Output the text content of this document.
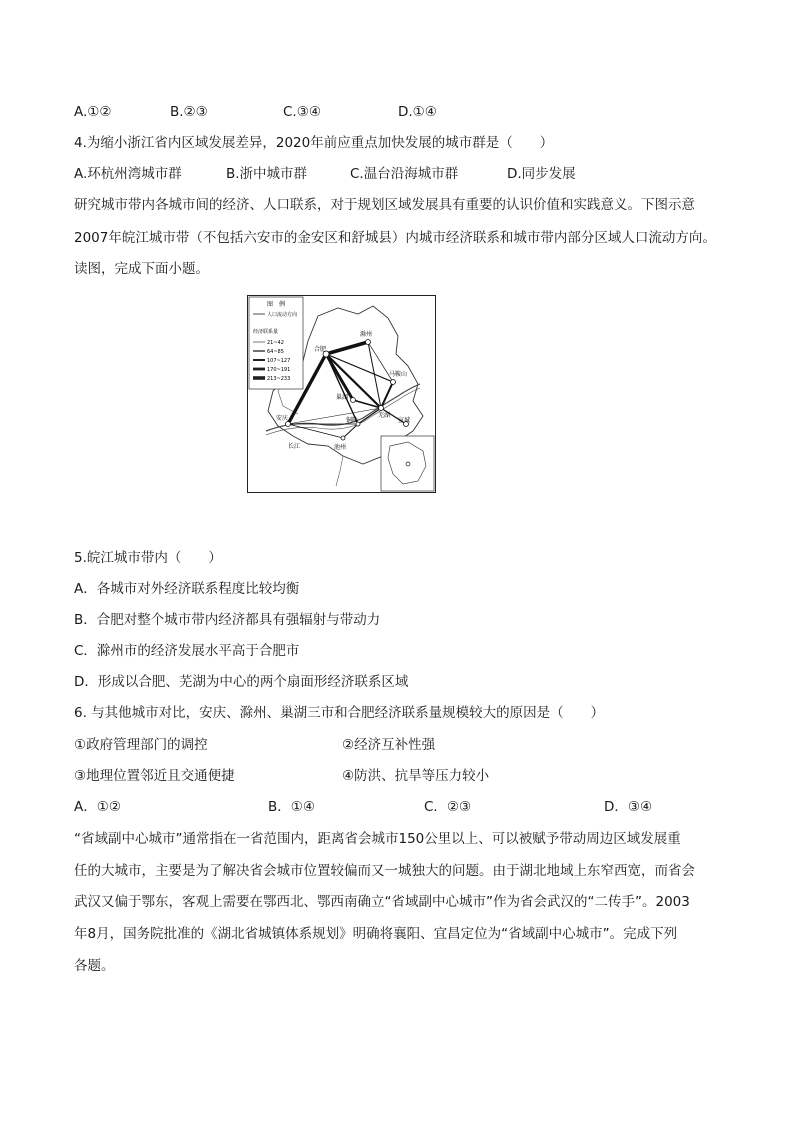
A.①②	B.②③	C.③④	D.①④
4.为缩小浙江省内区域发展差异，2020年前应重点加快发展的城市群是（　　）
A.环杭州湾城市群	B.浙中城市群	C.温台沿海城市群	D.同步发展
研究城市带内各城市间的经济、人口联系，对于规划区域发展具有重要的认识价值和实践意义。下图示意
2007年皖江城市带（不包括六安市的金安区和舒城县）内城市经济联系和城市带内部分区域人口流动方向。
读图，完成下面小题。
图　例
人口流动方向
经济联系量
21~42
64~85
107~127
170~191
213~233
合肥
滁州
马鞍山
巢湖
芜湖
铜陵
安庆
池州
宣城
长江
5.皖江城市带内（　　）
A．各城市对外经济联系程度比较均衡
B．合肥对整个城市带内经济都具有强辐射与带动力
C．滁州市的经济发展水平高于合肥市
D．形成以合肥、芜湖为中心的两个扇面形经济联系区域
6. 与其他城市对比，安庆、滁州、巢湖三市和合肥经济联系量规模较大的原因是（　　）
①政府管理部门的调控	②经济互补性强
③地理位置邻近且交通便捷	④防洪、抗旱等压力较小
A．①②	B．①④	C．②③	D．③④
“省域副中心城市”通常指在一省范围内，距离省会城市150公里以上、可以被赋予带动周边区域发展重
任的大城市，主要是为了解决省会城市位置较偏而又一城独大的问题。由于湖北地域上东窄西宽，而省会
武汉又偏于鄂东，客观上需要在鄂西北、鄂西南确立“省域副中心城市”作为省会武汉的“二传手”。2003
年8月，国务院批准的《湖北省城镇体系规划》明确将襄阳、宜昌定位为“省域副中心城市”。完成下列
各题。
